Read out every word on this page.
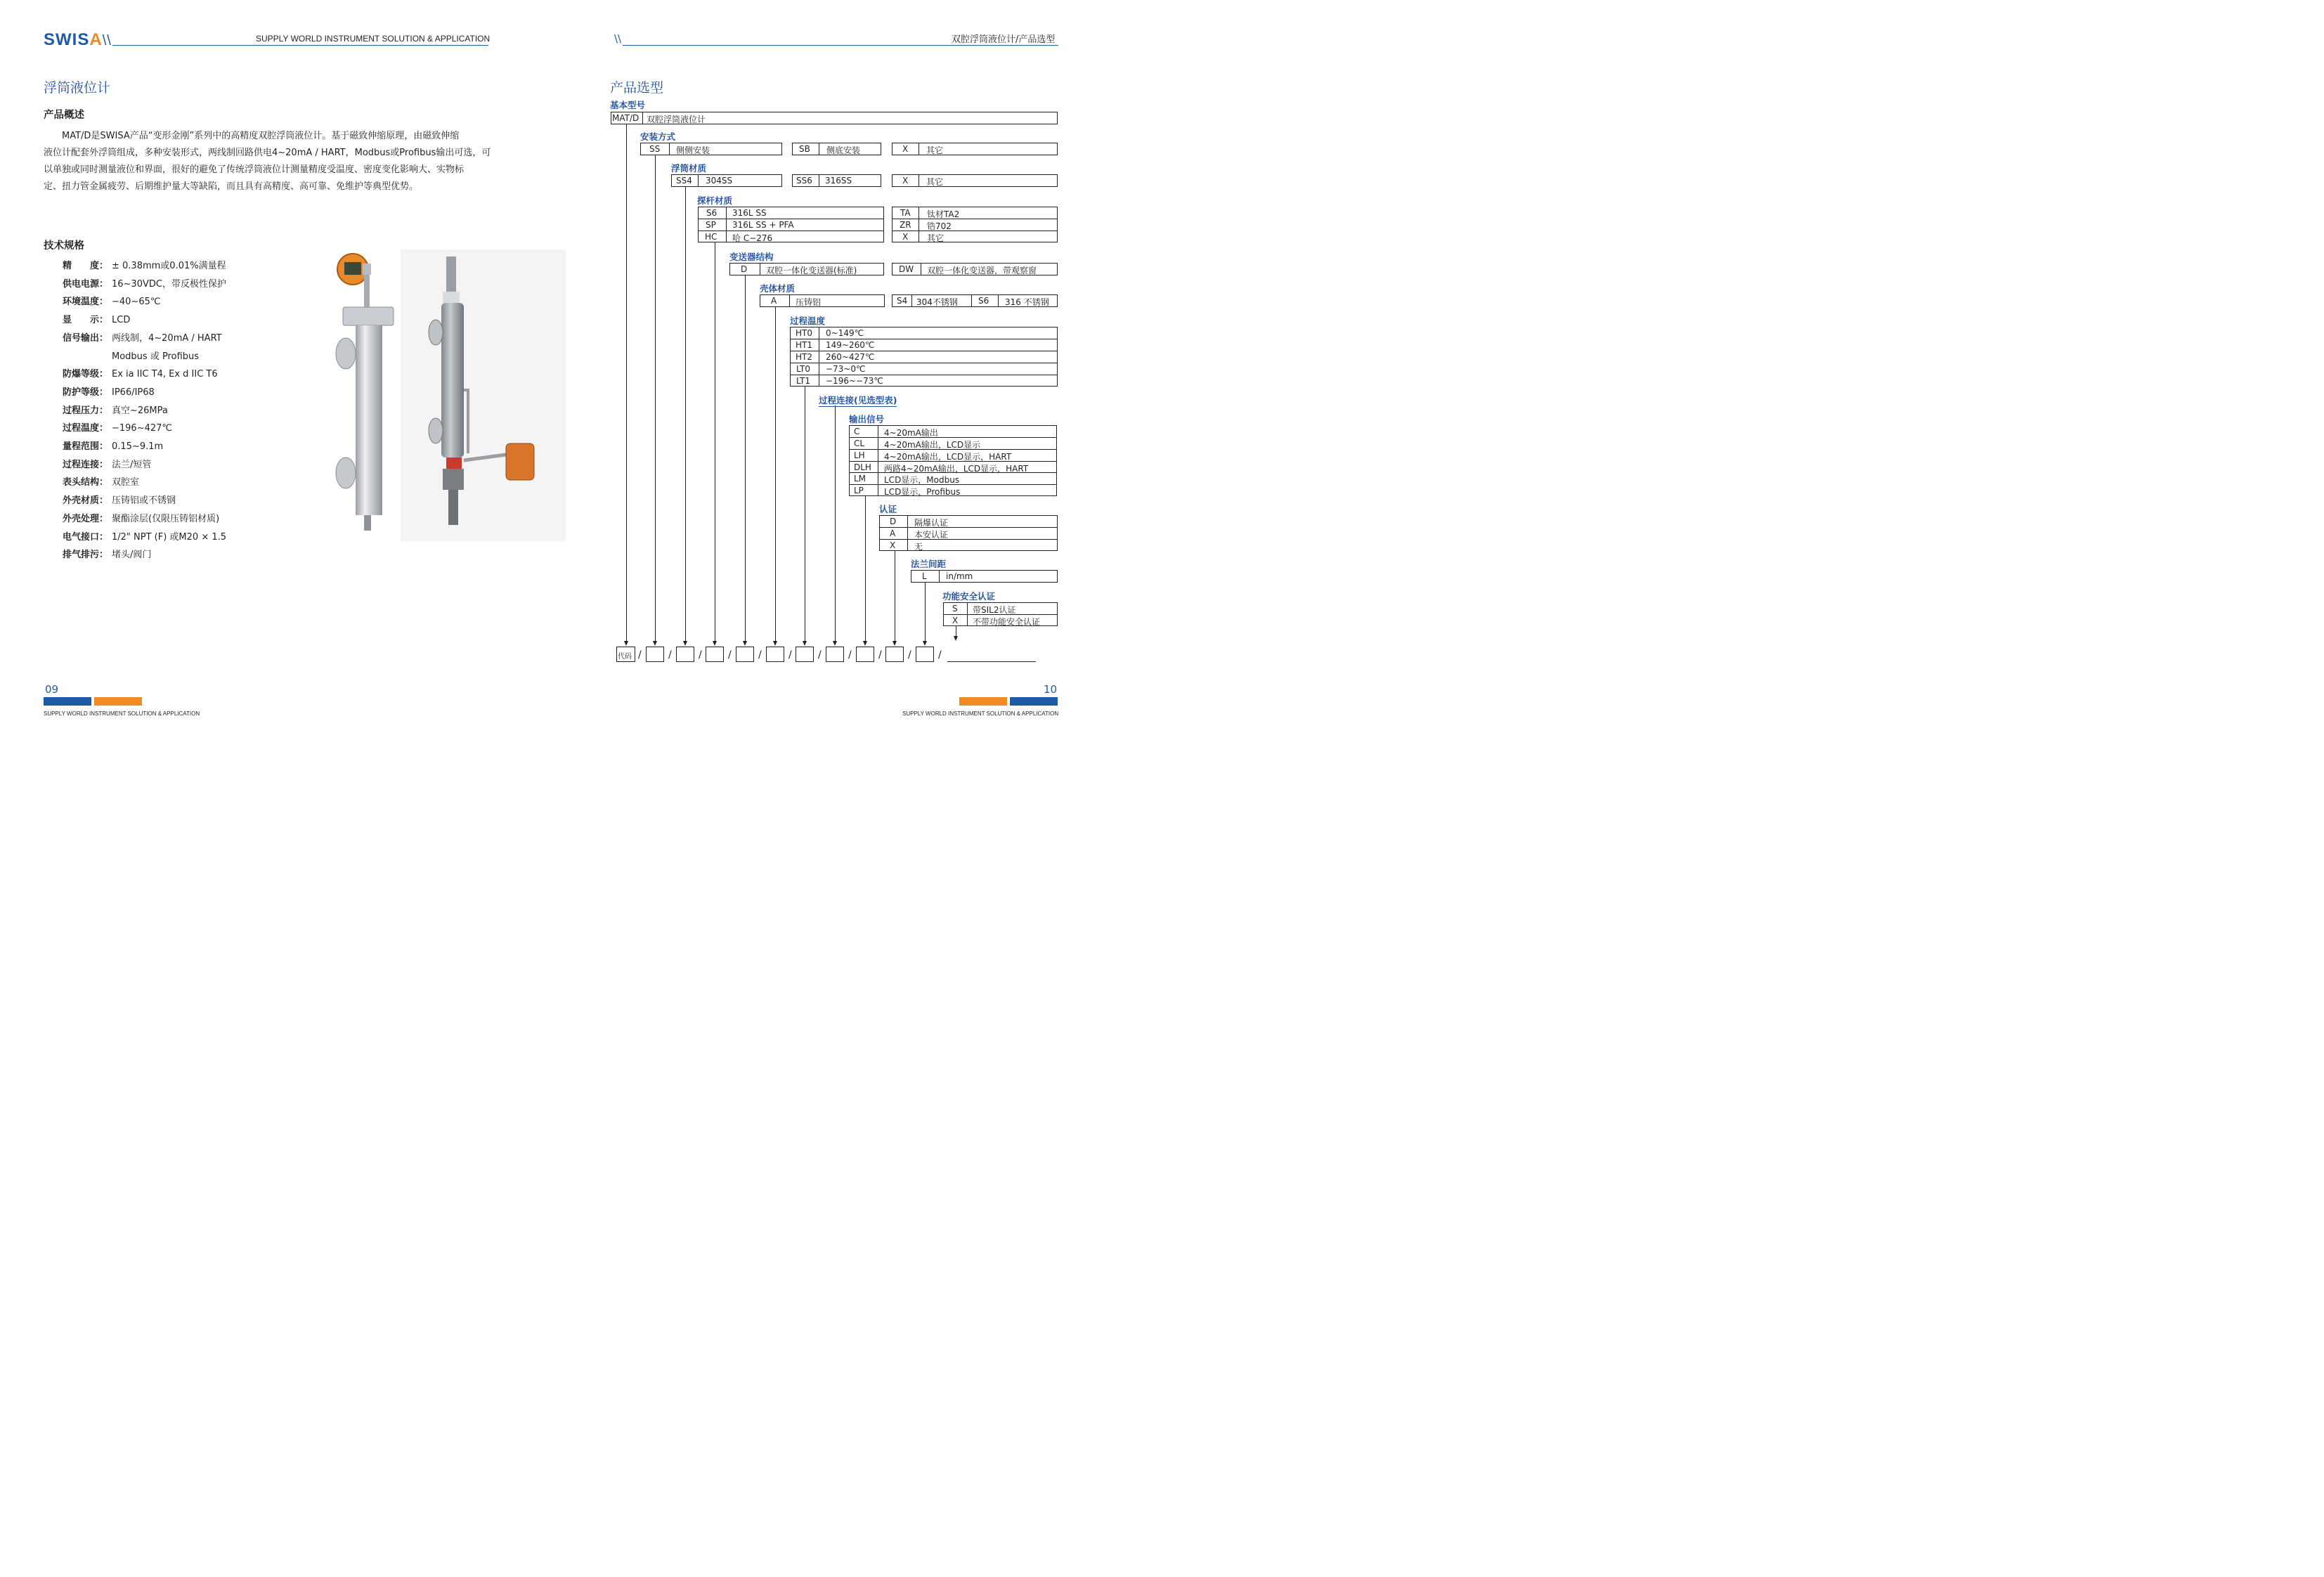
SWISA\\	SUPPLY WORLD INSTRUMENT SOLUTION & APPLICATION
浮筒液位计
产品概述
MAT/D是SWISA产品“变形金刚”系列中的高精度双腔浮筒液位计。基于磁致伸缩原理，由磁致伸缩
液位计配套外浮筒组成，多种安装形式，两线制回路供电4~20mA / HART，Modbus或Profibus输出可选，可
以单独或同时测量液位和界面，很好的避免了传统浮筒液位计测量精度受温度、密度变化影响大、实物标
定、扭力管金属疲劳、后期维护量大等缺陷，而且具有高精度、高可靠、免维护等典型优势。
技术规格
精　　度： ± 0.38mm或0.01%满量程
供电电源： 16~30VDC，带反极性保护
环境温度： −40~65℃
显　　示： LCD
信号输出： 两线制，4~20mA / HART
Modbus 或 Profibus
防爆等级： Ex ia IIC T4, Ex d IIC T6
防护等级： IP66/IP68
过程压力： 真空~26MPa
过程温度： −196~427℃
量程范围： 0.15~9.1m
过程连接： 法兰/短管
表头结构： 双腔室
外壳材质： 压铸铝或不锈钢
外壳处理： 聚酯涂层(仅限压铸铝材质)
电气接口： 1/2" NPT (F) 或M20 × 1.5
排气排污： 堵头/阀门
09
SUPPLY WORLD INSTRUMENT SOLUTION & APPLICATION
\\	双腔浮筒液位计/产品选型
产品选型
基本型号
MAT/D 双腔浮筒液位计
安装方式
SS 侧侧安装	SB 侧底安装	X 其它
浮筒材质
SS4 304SS	SS6 316SS	X 其它
探杆材质
S6 316L SS
SP 316L SS + PFA
HC 哈 C−276
TA 钛材TA2
ZR 锆702
X 其它
变送器结构
D 双腔一体化变送器(标准)	DW 双腔一体化变送器，带观察窗
壳体材质
A 压铸铝	S4 304不锈钢 S6 316 不锈钢
过程温度
HT0 0~149℃
HT1 149~260℃
HT2 260~427℃
LT0 −73~0℃
LT1 −196~−73℃
过程连接(见选型表)
输出信号
C	4~20mA输出
CL 4~20mA输出，LCD显示
LH 4~20mA输出，LCD显示，HART
DLH 两路4~20mA输出，LCD显示，HART
LM LCD显示，Modbus
LP LCD显示，Profibus
认证
D 隔爆认证
A 本安认证
X 无
法兰间距
L in/mm
功能安全认证
S 带SIL2认证
X 不带功能安全认证
代码 /	/	/	/	/	/	/	/	/	/	/
10
SUPPLY WORLD INSTRUMENT SOLUTION & APPLICATION
